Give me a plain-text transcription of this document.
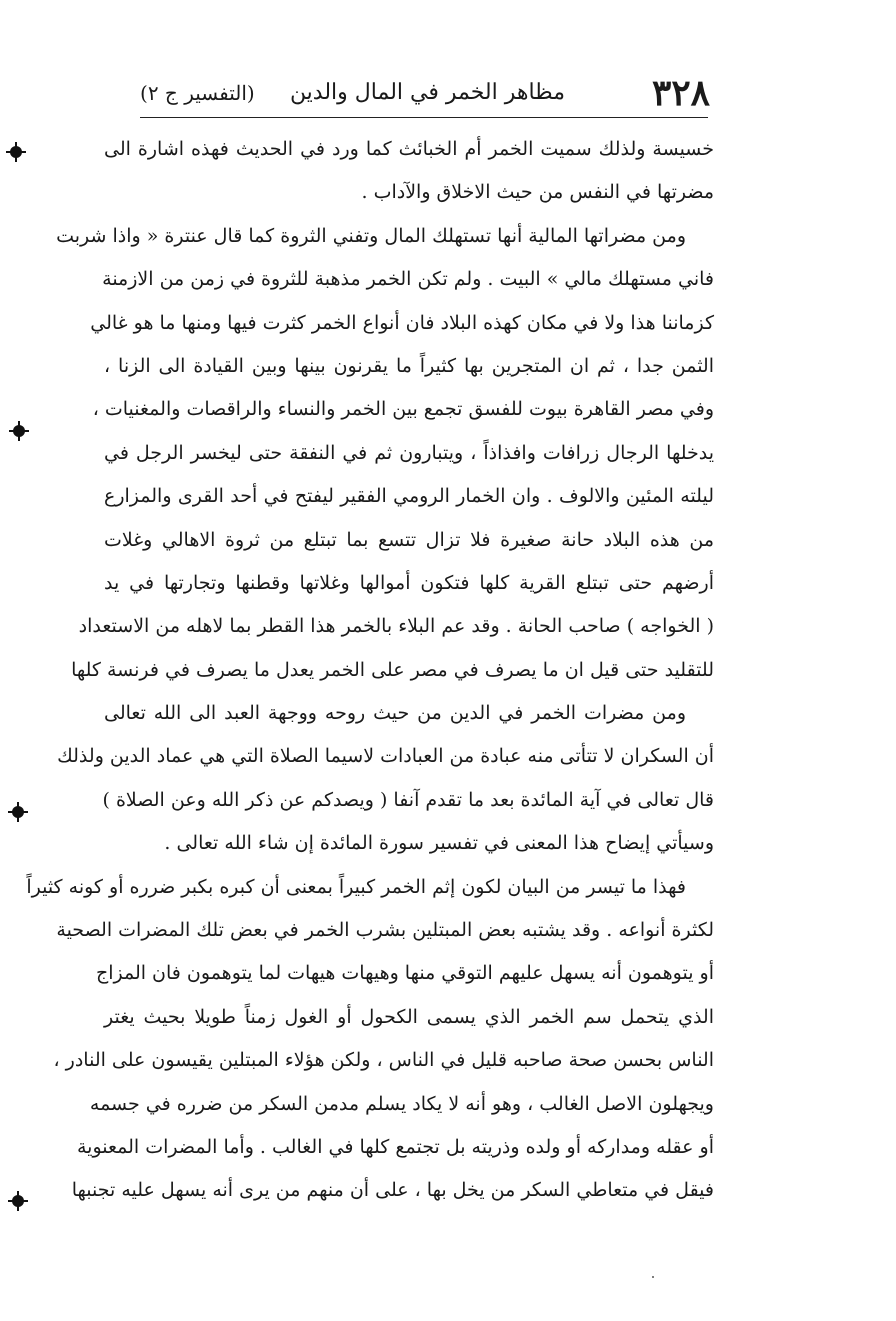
٣٢٨
مظاهر الخمر في المال والدين
(التفسير ج ٢)
خسيسة ولذلك سميت الخمر أم الخبائث كما ورد في الحديث فهذه اشارة الى
مضرتها في النفس من حيث الاخلاق والآداب .
ومن مضراتها المالية أنها تستهلك المال وتفني الثروة كما قال عنترة « واذا شربت
فاني مستهلك مالي » البيت . ولم تكن الخمر مذهبة للثروة في زمن من الازمنة
كزماننا هذا ولا في مكان كهذه البلاد فان أنواع الخمر كثرت فيها ومنها ما هو غالي
الثمن جدا ، ثم ان المتجرين بها كثيراً ما يقرنون بينها وبين القيادة الى الزنا ،
وفي مصر القاهرة بيوت للفسق تجمع بين الخمر والنساء والراقصات والمغنيات ،
يدخلها الرجال زرافات وافذاذاً ، ويتبارون ثم في النفقة حتى ليخسر الرجل في
ليلته المئين والالوف . وان الخمار الرومي الفقير ليفتح في أحد القرى والمزارع
من هذه البلاد حانة صغيرة فلا تزال تتسع بما تبتلع من ثروة الاهالي وغلات
أرضهم حتى تبتلع القرية كلها فتكون أموالها وغلاتها وقطنها وتجارتها في يد
( الخواجه ) صاحب الحانة . وقد عم البلاء بالخمر هذا القطر بما لاهله من الاستعداد
للتقليد حتى قيل ان ما يصرف في مصر على الخمر يعدل ما يصرف في فرنسة كلها
ومن مضرات الخمر في الدين من حيث روحه ووجهة العبد الى الله تعالى
أن السكران لا تتأتى منه عبادة من العبادات لاسيما الصلاة التي هي عماد الدين ولذلك
قال تعالى في آية المائدة بعد ما تقدم آنفا ( ويصدكم عن ذكر الله وعن الصلاة )
وسيأتي إيضاح هذا المعنى في تفسير سورة المائدة إن شاء الله تعالى .
فهذا ما تيسر من البيان لكون إثم الخمر كبيراً بمعنى أن كبره بكبر ضرره أو كونه كثيراً
لكثرة أنواعه . وقد يشتبه بعض المبتلين بشرب الخمر في بعض تلك المضرات الصحية
أو يتوهمون أنه يسهل عليهم التوقي منها وهيهات هيهات لما يتوهمون فان المزاج
الذي يتحمل سم الخمر الذي يسمى الكحول أو الغول زمناً طويلا بحيث يغتر
الناس بحسن صحة صاحبه قليل في الناس ، ولكن هؤلاء المبتلين يقيسون على النادر ،
ويجهلون الاصل الغالب ، وهو أنه لا يكاد يسلم مدمن السكر من ضرره في جسمه
أو عقله ومداركه أو ولده وذريته بل تجتمع كلها في الغالب . وأما المضرات المعنوية
فيقل في متعاطي السكر من يخل بها ، على أن منهم من يرى أنه يسهل عليه تجنبها
